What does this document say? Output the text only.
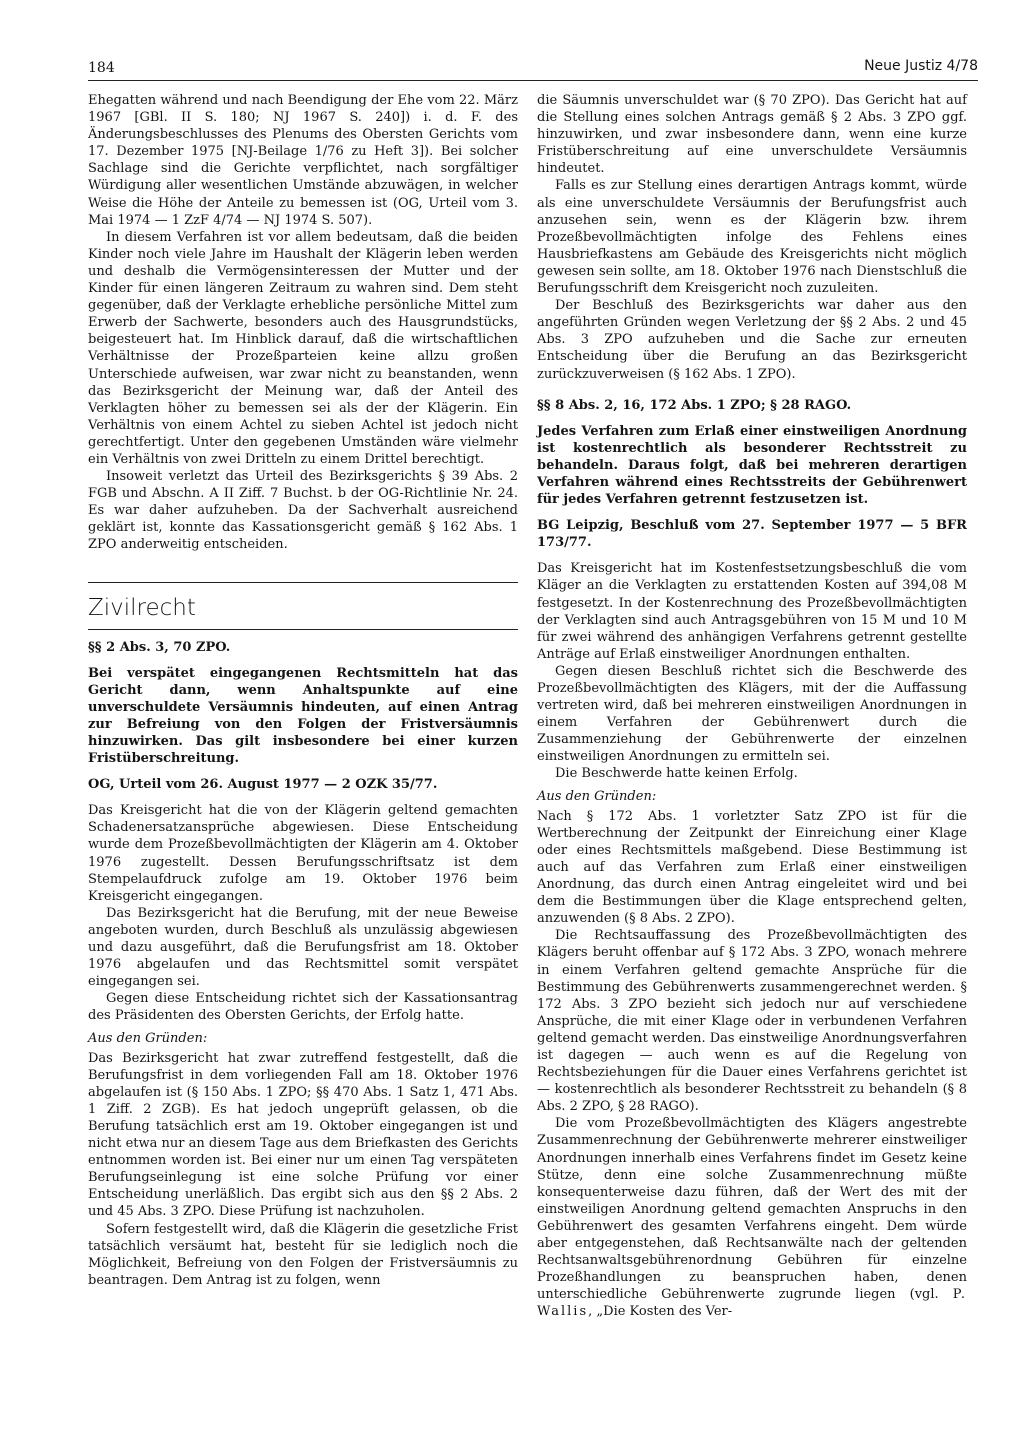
184	Neue Justiz 4/78

Ehegatten während und nach Beendigung der Ehe vom 22. März 1967 [GBl. II S. 180; NJ 1967 S. 240]) i. d. F. des Änderungsbeschlusses des Plenums des Obersten Gerichts vom 17. Dezember 1975 [NJ-Beilage 1/76 zu Heft 3]). Bei solcher Sachlage sind die Gerichte verpflichtet, nach sorgfältiger Würdigung aller wesentlichen Umstände abzuwägen, in welcher Weise die Höhe der Anteile zu bemessen ist (OG, Urteil vom 3. Mai 1974 — 1 ZzF 4/74 — NJ 1974 S. 507).

In diesem Verfahren ist vor allem bedeutsam, daß die beiden Kinder noch viele Jahre im Haushalt der Klägerin leben werden und deshalb die Vermögensinteressen der Mutter und der Kinder für einen längeren Zeitraum zu wahren sind. Dem steht gegenüber, daß der Verklagte erhebliche persönliche Mittel zum Erwerb der Sachwerte, besonders auch des Hausgrundstücks, beigesteuert hat. Im Hinblick darauf, daß die wirtschaftlichen Verhältnisse der Prozeßparteien keine allzu großen Unterschiede aufweisen, war zwar nicht zu beanstanden, wenn das Bezirksgericht der Meinung war, daß der Anteil des Verklagten höher zu bemessen sei als der der Klägerin. Ein Verhältnis von einem Achtel zu sieben Achtel ist jedoch nicht gerechtfertigt. Unter den gegebenen Umständen wäre vielmehr ein Verhältnis von zwei Dritteln zu einem Drittel berechtigt.

Insoweit verletzt das Urteil des Bezirksgerichts § 39 Abs. 2 FGB und Abschn. A II Ziff. 7 Buchst. b der OG-Richtlinie Nr. 24. Es war daher aufzuheben. Da der Sachverhalt ausreichend geklärt ist, konnte das Kassationsgericht gemäß § 162 Abs. 1 ZPO anderweitig entscheiden.

Zivilrecht

§§ 2 Abs. 3, 70 ZPO.

Bei verspätet eingegangenen Rechtsmitteln hat das Gericht dann, wenn Anhaltspunkte auf eine unverschuldete Versäumnis hindeuten, auf einen Antrag zur Befreiung von den Folgen der Fristversäumnis hinzuwirken. Das gilt insbesondere bei einer kurzen Fristüberschreitung.

OG, Urteil vom 26. August 1977 — 2 OZK 35/77.

Das Kreisgericht hat die von der Klägerin geltend gemachten Schadenersatzansprüche abgewiesen. Diese Entscheidung wurde dem Prozeßbevollmächtigten der Klägerin am 4. Oktober 1976 zugestellt. Dessen Berufungsschriftsatz ist dem Stempelaufdruck zufolge am 19. Oktober 1976 beim Kreisgericht eingegangen.

Das Bezirksgericht hat die Berufung, mit der neue Beweise angeboten wurden, durch Beschluß als unzulässig abgewiesen und dazu ausgeführt, daß die Berufungsfrist am 18. Oktober 1976 abgelaufen und das Rechtsmittel somit verspätet eingegangen sei.

Gegen diese Entscheidung richtet sich der Kassationsantrag des Präsidenten des Obersten Gerichts, der Erfolg hatte.

Aus den Gründen:

Das Bezirksgericht hat zwar zutreffend festgestellt, daß die Berufungsfrist in dem vorliegenden Fall am 18. Oktober 1976 abgelaufen ist (§ 150 Abs. 1 ZPO; §§ 470 Abs. 1 Satz 1, 471 Abs. 1 Ziff. 2 ZGB). Es hat jedoch ungeprüft gelassen, ob die Berufung tatsächlich erst am 19. Oktober eingegangen ist und nicht etwa nur an diesem Tage aus dem Briefkasten des Gerichts entnommen worden ist. Bei einer nur um einen Tag verspäteten Berufungseinlegung ist eine solche Prüfung vor einer Entscheidung unerläßlich. Das ergibt sich aus den §§ 2 Abs. 2 und 45 Abs. 3 ZPO. Diese Prüfung ist nachzuholen.

Sofern festgestellt wird, daß die Klägerin die gesetzliche Frist tatsächlich versäumt hat, besteht für sie lediglich noch die Möglichkeit, Befreiung von den Folgen der Fristversäumnis zu beantragen. Dem Antrag ist zu folgen, wenn

die Säumnis unverschuldet war (§ 70 ZPO). Das Gericht hat auf die Stellung eines solchen Antrags gemäß § 2 Abs. 3 ZPO ggf. hinzuwirken, und zwar insbesondere dann, wenn eine kurze Fristüberschreitung auf eine unverschuldete Versäumnis hindeutet.

Falls es zur Stellung eines derartigen Antrags kommt, würde als eine unverschuldete Versäumnis der Berufungsfrist auch anzusehen sein, wenn es der Klägerin bzw. ihrem Prozeßbevollmächtigten infolge des Fehlens eines Hausbriefkastens am Gebäude des Kreisgerichts nicht möglich gewesen sein sollte, am 18. Oktober 1976 nach Dienstschluß die Berufungsschrift dem Kreisgericht noch zuzuleiten.

Der Beschluß des Bezirksgerichts war daher aus den angeführten Gründen wegen Verletzung der §§ 2 Abs. 2 und 45 Abs. 3 ZPO aufzuheben und die Sache zur erneuten Entscheidung über die Berufung an das Bezirksgericht zurückzuverweisen (§ 162 Abs. 1 ZPO).

§§ 8 Abs. 2, 16, 172 Abs. 1 ZPO; § 28 RAGO.

Jedes Verfahren zum Erlaß einer einstweiligen Anordnung ist kostenrechtlich als besonderer Rechtsstreit zu behandeln. Daraus folgt, daß bei mehreren derartigen Verfahren während eines Rechtsstreits der Gebührenwert für jedes Verfahren getrennt festzusetzen ist.

BG Leipzig, Beschluß vom 27. September 1977 — 5 BFR 173/77.

Das Kreisgericht hat im Kostenfestsetzungsbeschluß die vom Kläger an die Verklagten zu erstattenden Kosten auf 394,08 M festgesetzt. In der Kostenrechnung des Prozeßbevollmächtigten der Verklagten sind auch Antragsgebühren von 15 M und 10 M für zwei während des anhängigen Verfahrens getrennt gestellte Anträge auf Erlaß einstweiliger Anordnungen enthalten.

Gegen diesen Beschluß richtet sich die Beschwerde des Prozeßbevollmächtigten des Klägers, mit der die Auffassung vertreten wird, daß bei mehreren einstweiligen Anordnungen in einem Verfahren der Gebührenwert durch die Zusammenziehung der Gebührenwerte der einzelnen einstweiligen Anordnungen zu ermitteln sei.

Die Beschwerde hatte keinen Erfolg.

Aus den Gründen:

Nach § 172 Abs. 1 vorletzter Satz ZPO ist für die Wertberechnung der Zeitpunkt der Einreichung einer Klage oder eines Rechtsmittels maßgebend. Diese Bestimmung ist auch auf das Verfahren zum Erlaß einer einstweiligen Anordnung, das durch einen Antrag eingeleitet wird und bei dem die Bestimmungen über die Klage entsprechend gelten, anzuwenden (§ 8 Abs. 2 ZPO).

Die Rechtsauffassung des Prozeßbevollmächtigten des Klägers beruht offenbar auf § 172 Abs. 3 ZPO, wonach mehrere in einem Verfahren geltend gemachte Ansprüche für die Bestimmung des Gebührenwerts zusammengerechnet werden. § 172 Abs. 3 ZPO bezieht sich jedoch nur auf verschiedene Ansprüche, die mit einer Klage oder in verbundenen Verfahren geltend gemacht werden. Das einstweilige Anordnungsverfahren ist dagegen — auch wenn es auf die Regelung von Rechtsbeziehungen für die Dauer eines Verfahrens gerichtet ist — kostenrechtlich als besonderer Rechtsstreit zu behandeln (§ 8 Abs. 2 ZPO, § 28 RAGO).

Die vom Prozeßbevollmächtigten des Klägers angestrebte Zusammenrechnung der Gebührenwerte mehrerer einstweiliger Anordnungen innerhalb eines Verfahrens findet im Gesetz keine Stütze, denn eine solche Zusammenrechnung müßte konsequenterweise dazu führen, daß der Wert des mit der einstweiligen Anordnung geltend gemachten Anspruchs in den Gebührenwert des gesamten Verfahrens eingeht. Dem würde aber entgegenstehen, daß Rechtsanwälte nach der geltenden Rechtsanwaltsgebührenordnung Gebühren für einzelne Prozeßhandlungen zu beanspruchen haben, denen unterschiedliche Gebührenwerte zugrunde liegen (vgl. P. Wallis, „Die Kosten des Ver-
